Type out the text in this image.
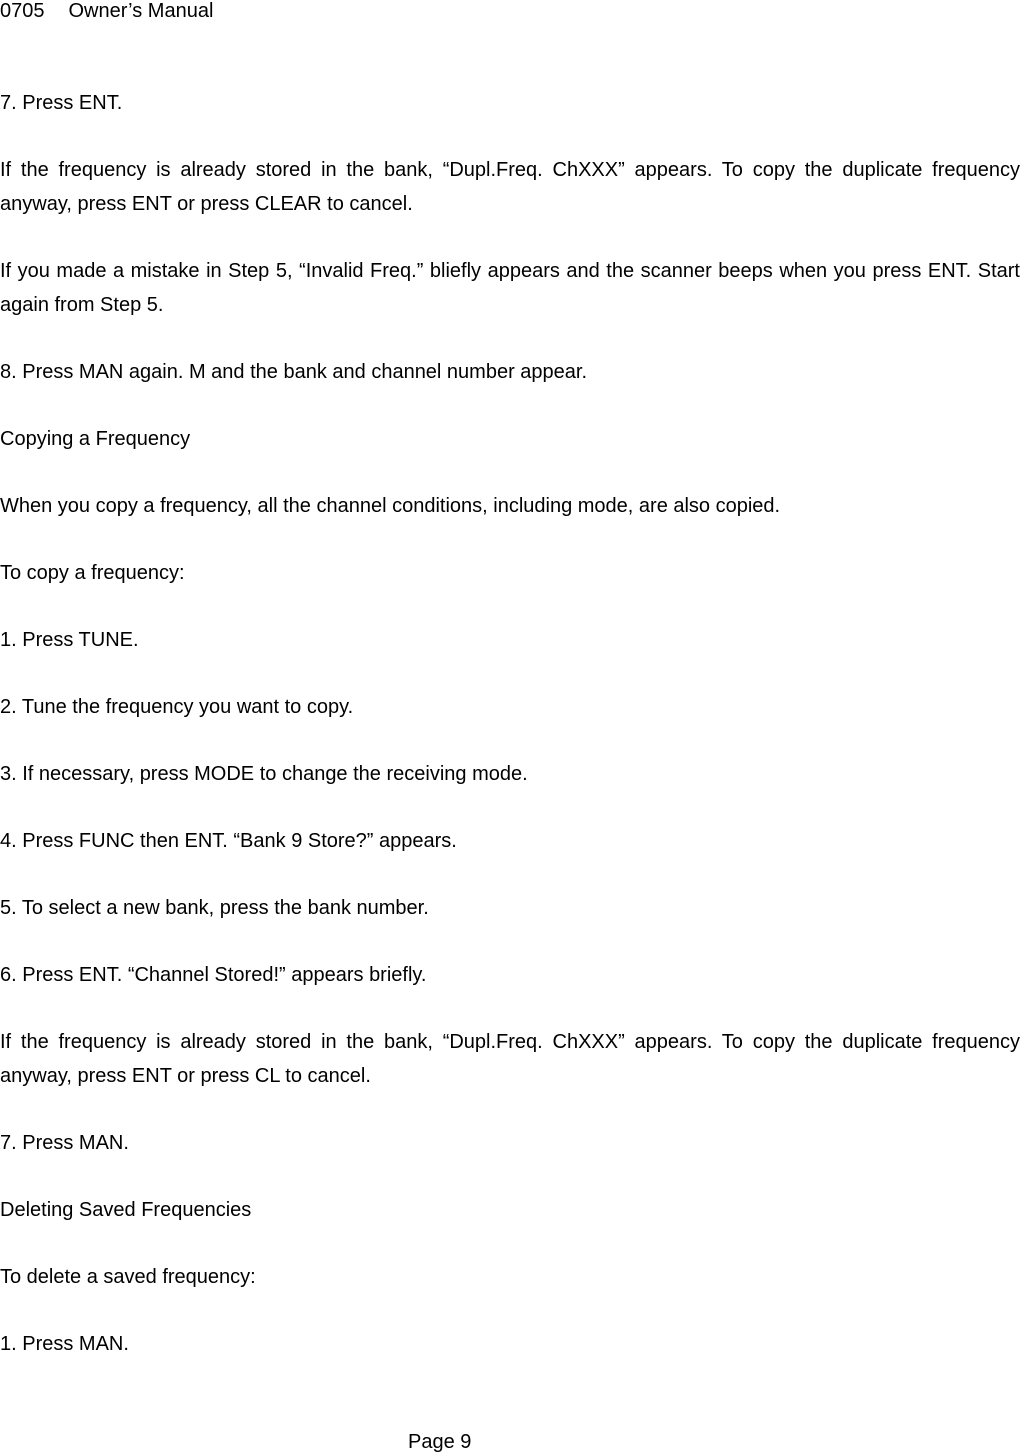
0705 Owner’s Manual

7. Press ENT.

If the frequency is already stored in the bank, “Dupl.Freq. ChXXX” appears. To copy the duplicate frequency anyway, press ENT or press CLEAR to cancel.

If you made a mistake in Step 5, “Invalid Freq.” bliefly appears and the scanner beeps when you press ENT. Start again from Step 5.

8. Press MAN again. M and the bank and channel number appear.

Copying a Frequency

When you copy a frequency, all the channel conditions, including mode, are also copied.

To copy a frequency:

1. Press TUNE.

2. Tune the frequency you want to copy.

3. If necessary, press MODE to change the receiving mode.

4. Press FUNC then ENT. “Bank 9 Store?” appears.

5. To select a new bank, press the bank number.

6. Press ENT. “Channel Stored!” appears briefly.

If the frequency is already stored in the bank, “Dupl.Freq. ChXXX” appears. To copy the duplicate frequency anyway, press ENT or press CL to cancel.

7. Press MAN.

Deleting Saved Frequencies

To delete a saved frequency:

1. Press MAN.

Page 9
